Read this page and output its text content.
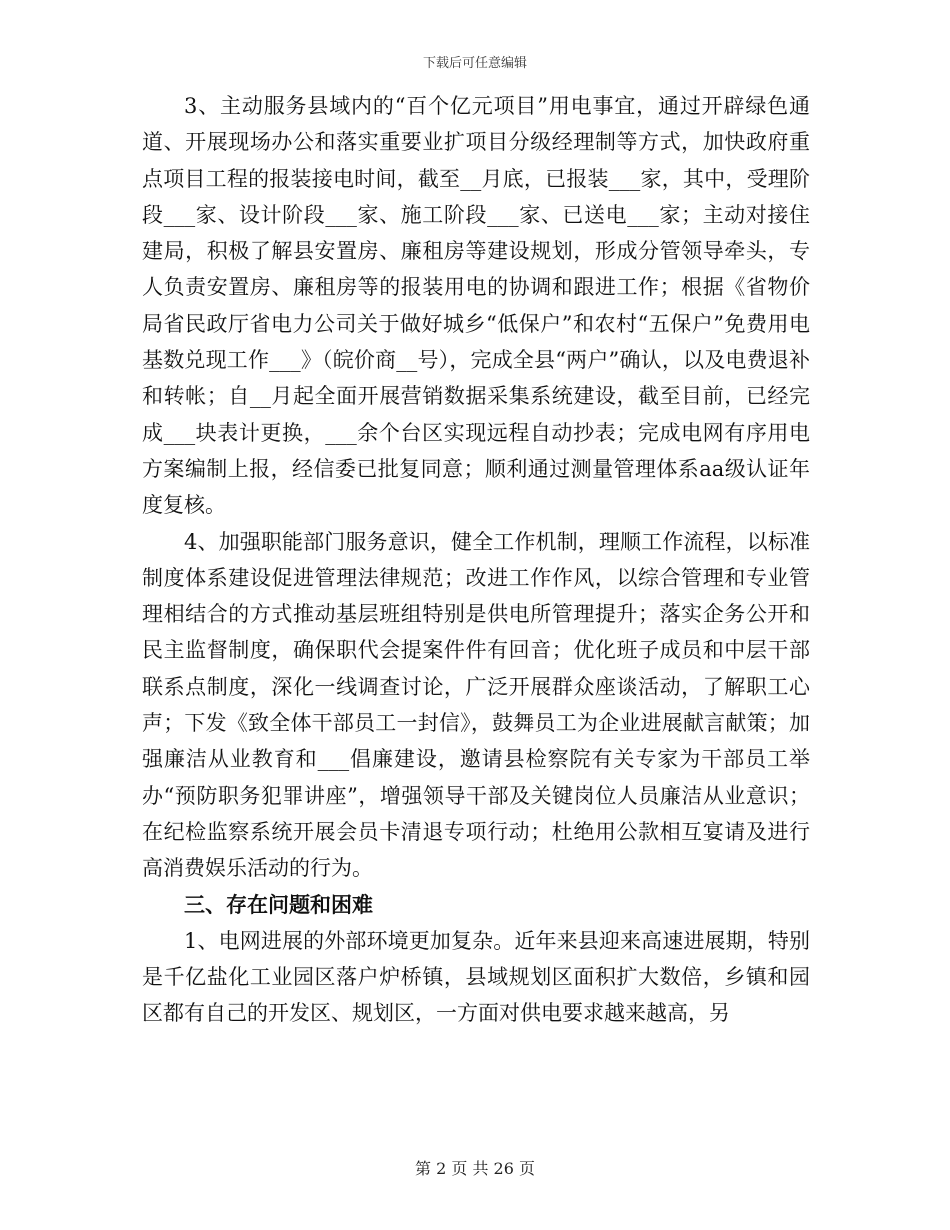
下载后可任意编辑

3、主动服务县域内的“百个亿元项目”用电事宜，通过开辟绿色通道、开展现场办公和落实重要业扩项目分级经理制等方式，加快政府重点项目工程的报装接电时间，截至__月底，已报装___家，其中，受理阶段___家、设计阶段___家、施工阶段___家、已送电___家；主动对接住建局，积极了解县安置房、廉租房等建设规划，形成分管领导牵头，专人负责安置房、廉租房等的报装用电的协调和跟进工作；根据《省物价局省民政厅省电力公司关于做好城乡“低保户”和农村“五保户”免费用电基数兑现工作___》（皖价商__号），完成全县“两户”确认，以及电费退补和转帐；自__月起全面开展营销数据采集系统建设，截至目前，已经完成___块表计更换，___余个台区实现远程自动抄表；完成电网有序用电方案编制上报，经信委已批复同意；顺利通过测量管理体系aa级认证年度复核。

4、加强职能部门服务意识，健全工作机制，理顺工作流程，以标准制度体系建设促进管理法律规范；改进工作作风，以综合管理和专业管理相结合的方式推动基层班组特别是供电所管理提升；落实企务公开和民主监督制度，确保职代会提案件件有回音；优化班子成员和中层干部联系点制度，深化一线调查讨论，广泛开展群众座谈活动，了解职工心声；下发《致全体干部员工一封信》，鼓舞员工为企业进展献言献策；加强廉洁从业教育和___倡廉建设，邀请县检察院有关专家为干部员工举办“预防职务犯罪讲座”，增强领导干部及关键岗位人员廉洁从业意识；在纪检监察系统开展会员卡清退专项行动；杜绝用公款相互宴请及进行高消费娱乐活动的行为。

三、存在问题和困难

1、电网进展的外部环境更加复杂。近年来县迎来高速进展期，特别是千亿盐化工业园区落户炉桥镇，县域规划区面积扩大数倍，乡镇和园区都有自己的开发区、规划区，一方面对供电要求越来越高，另

第 2 页 共 26 页
